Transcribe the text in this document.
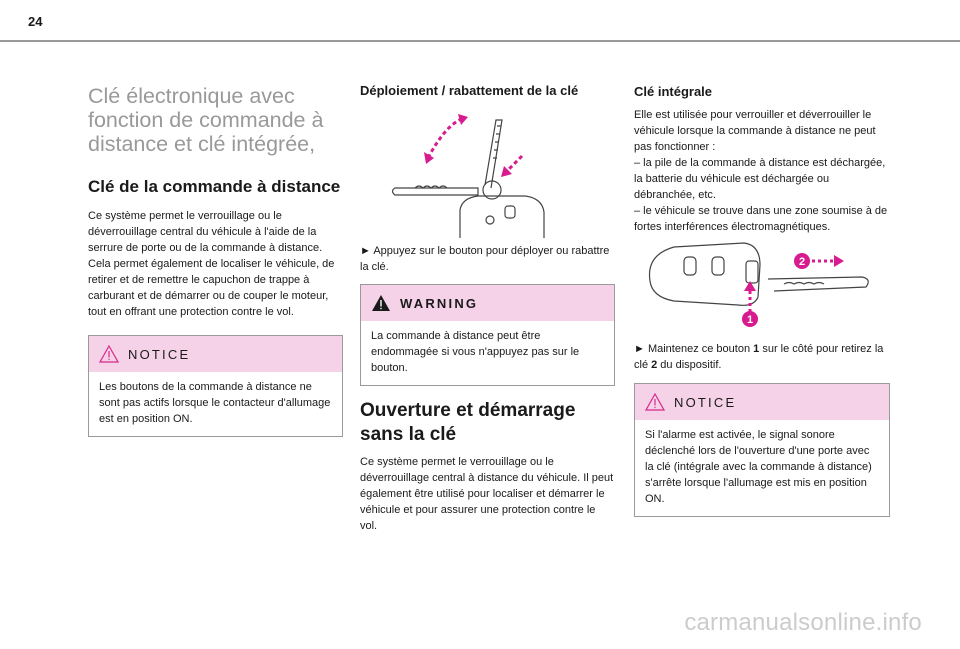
24
Clé électronique avec fonction de commande à distance et clé intégrée,
Clé de la commande à distance
Ce système permet le verrouillage ou le déverrouillage central du véhicule à l'aide de la serrure de porte ou de la commande à distance. Cela permet également de localiser le véhicule, de retirer et de remettre le capuchon de trappe à carburant et de démarrer ou de couper le moteur, tout en offrant une protection contre le vol.
NOTICE
Les boutons de la commande à distance ne sont pas actifs lorsque le contacteur d'allumage est en position ON.
Déploiement / rabattement de la clé
► Appuyez sur le bouton pour déployer ou rabattre la clé.
WARNING
La commande à distance peut être endommagée si vous n'appuyez pas sur le bouton.
Ouverture et démarrage sans la clé
Ce système permet le verrouillage ou le déverrouillage central à distance du véhicule. Il peut également être utilisé pour localiser et démarrer le véhicule et pour assurer une protection contre le vol.
Clé intégrale
Elle est utilisée pour verrouiller et déverrouiller le véhicule lorsque la commande à distance ne peut pas fonctionner :
– la pile de la commande à distance est déchargée, la batterie du véhicule est déchargée ou débranchée, etc.
– le véhicule se trouve dans une zone soumise à de fortes interférences électromagnétiques.
2
1
► Maintenez ce bouton 1 sur le côté pour retirez la clé 2 du dispositif.
NOTICE
Si l'alarme est activée, le signal sonore déclenché lors de l'ouverture d'une porte avec la clé (intégrale avec la commande à distance) s'arrête lorsque l'allumage est mis en position ON.
carmanualsonline.info
